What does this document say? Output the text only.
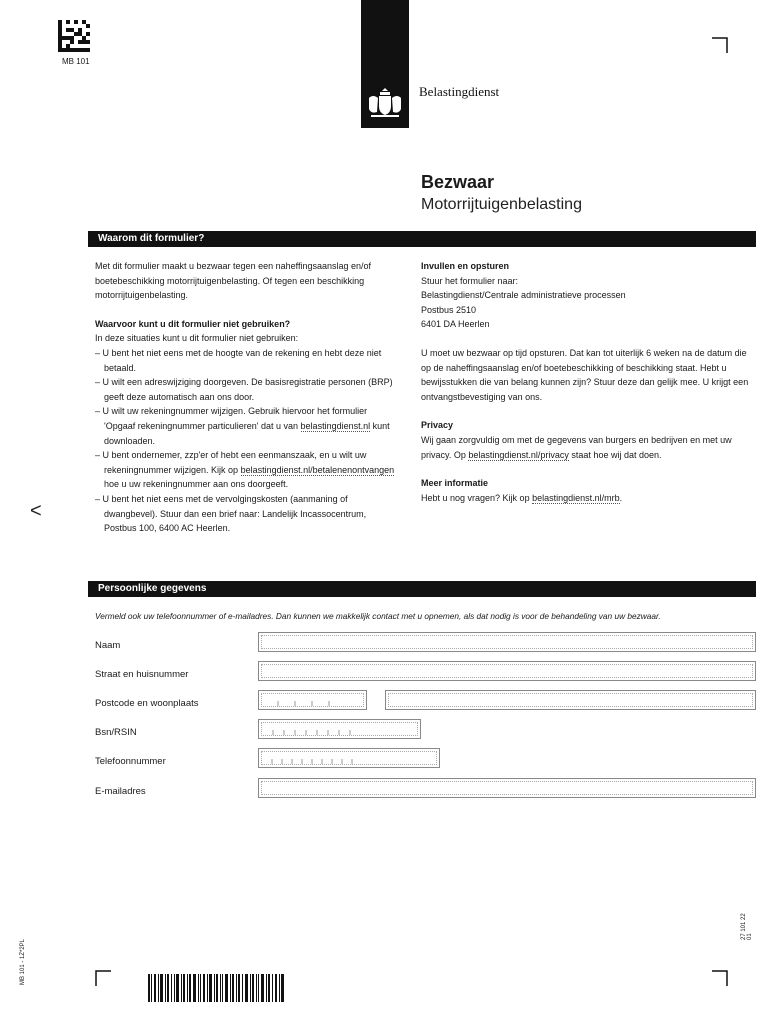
MB 101
Belastingdienst
Bezwaar
Motorrijtuigenbelasting
Waarom dit formulier?

Met dit formulier maakt u bezwaar tegen een naheffingsaanslag en/of boetebeschikking motorrijtuigenbelasting. Of tegen een beschikking motorrijtuigenbelasting.

Waarvoor kunt u dit formulier niet gebruiken?

In deze situaties kunt u dit formulier niet gebruiken:

– U bent het niet eens met de hoogte van de rekening en hebt deze niet betaald.
– U wilt een adreswijziging doorgeven. De basisregistratie personen (BRP) geeft deze automatisch aan ons door.
– U wilt uw rekeningnummer wijzigen. Gebruik hiervoor het formulier 'Opgaaf rekeningnummer particulieren' dat u van belastingdienst.nl kunt downloaden.
– U bent ondernemer, zzp'er of hebt een eenmanszaak, en u wilt uw rekeningnummer wijzigen. Kijk op belastingdienst.nl/betalenenontvangen hoe u uw rekeningnummer aan ons doorgeeft.
– U bent het niet eens met de vervolgingskosten (aanmaning of dwangbevel). Stuur dan een brief naar: Landelijk Incassocentrum, Postbus 100, 6400 AC Heerlen.

Invullen en opsturen

Stuur het formulier naar:

Belastingdienst/Centrale administratieve processen

Postbus 2510

6401 DA Heerlen

U moet uw bezwaar op tijd opsturen. Dat kan tot uiterlijk 6 weken na de datum die op de naheffingsaanslag en/of boetebeschikking of beschikking staat. Hebt u bewijsstukken die van belang kunnen zijn? Stuur deze dan gelijk mee. U krijgt een ontvangstbevestiging van ons.

Privacy

Wij gaan zorgvuldig om met de gegevens van burgers en bedrijven en met uw privacy. Op belastingdienst.nl/privacy staat hoe wij dat doen.

Meer informatie

Hebt u nog vragen? Kijk op belastingdienst.nl/mrb.

<
Persoonlijke gegevens
Vermeld ook uw telefoonnummer of e-mailadres. Dan kunnen we makkelijk contact met u opnemen, als dat nodig is voor de behandeling van uw bezwaar.
Naam
Straat en huisnummer
Postcode en woonplaats
Bsn/RSIN
Telefoonnummer
E-mailadres
MB 101 - 1Z*2PL
27 101 22 01
